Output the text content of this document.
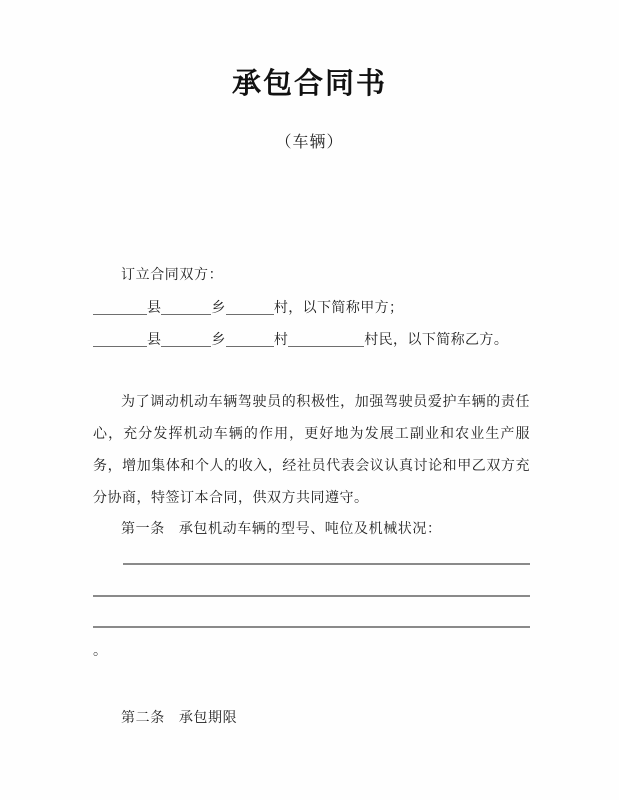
承包合同书
（车辆）
订立合同双方：
县	乡	村，以下简称甲方；
县	乡	村	村民，以下简称乙方。
为了调动机动车辆驾驶员的积极性，加强驾驶员爱护车辆的责任心，充分发挥机动车辆的作用，更好地为发展工副业和农业生产服务，增加集体和个人的收入，经社员代表会议认真讨论和甲乙双方充分协商，特签订本合同，供双方共同遵守。
第一条 承包机动车辆的型号、吨位及机械状况：
。
第二条 承包期限
